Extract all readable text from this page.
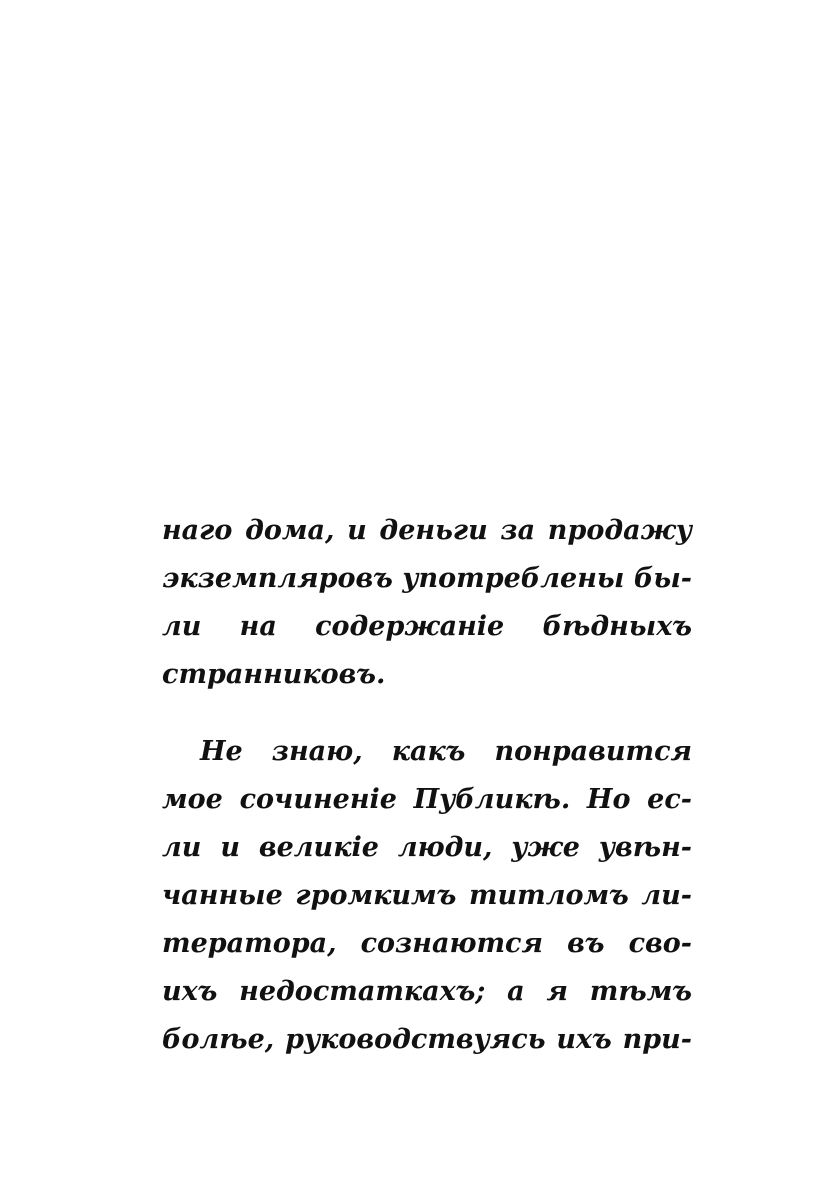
наго дома, и деньги за продажу
экземпляровъ употреблены бы-
ли на содержаніе бѣдныхъ
странниковъ.
Не знаю, какъ понравится
мое сочиненіе Публикѣ. Но ес-
ли и великіе люди, уже увѣн-
чанные громкимъ титломъ ли-
тератора, сознаются въ сво-
ихъ недостаткахъ; а я тѣмъ
болѣе, руководствуясь ихъ при-
